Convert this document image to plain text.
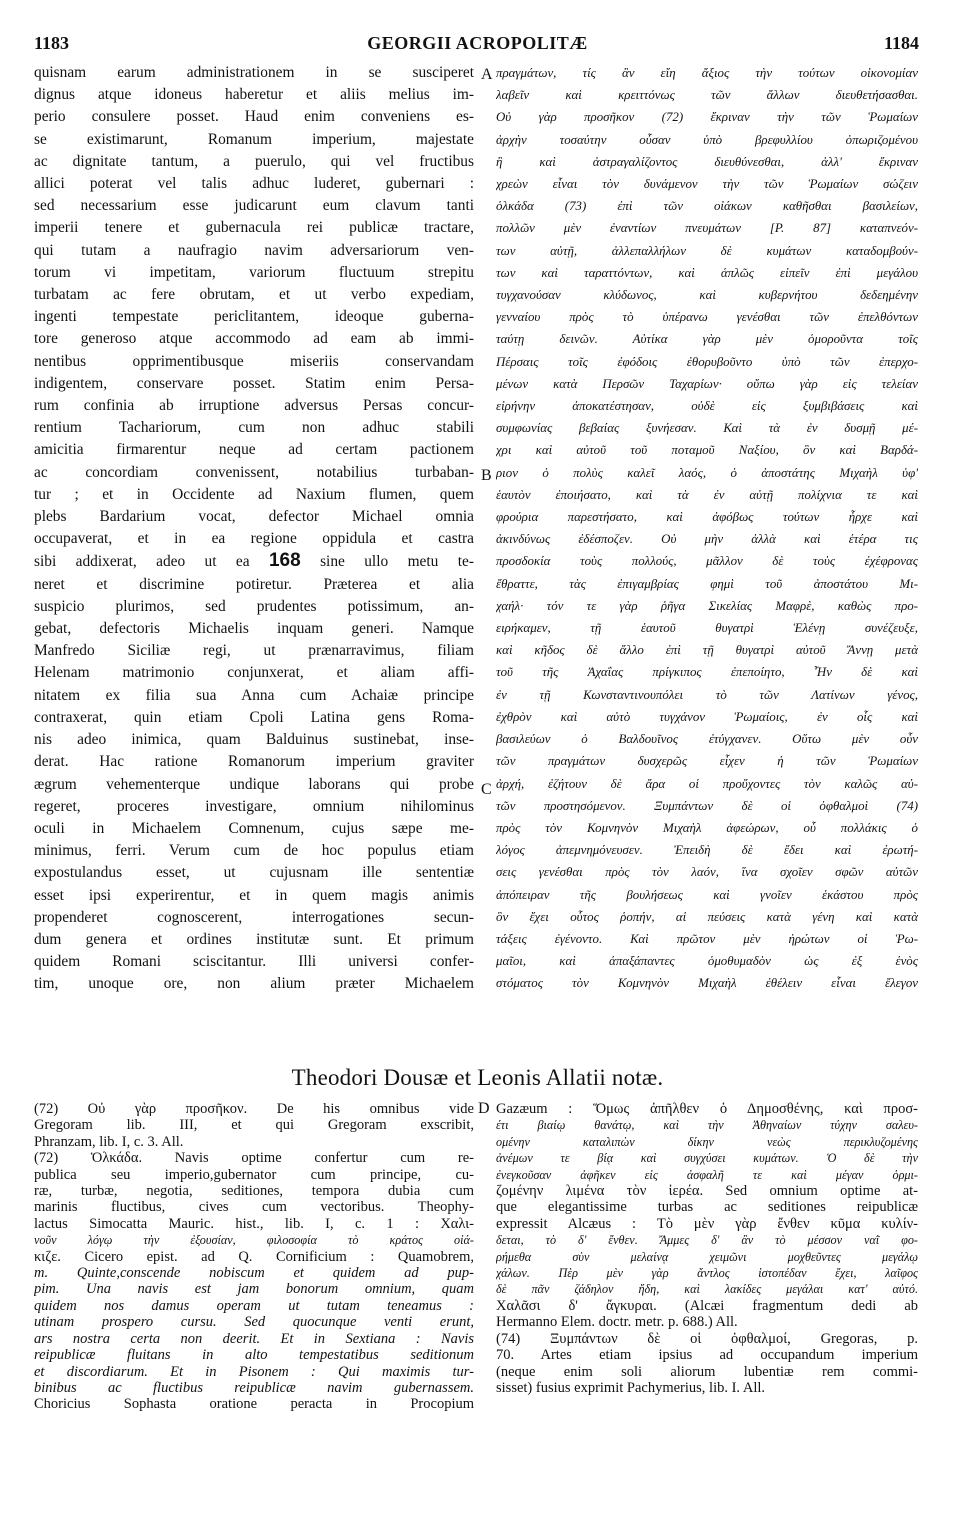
1183	GEORGII ACROPOLITÆ	1184
A
B
C
D
quisnam earum administrationem in se susciperet
dignus atque idoneus haberetur et aliis melius im-
perio consulere posset. Haud enim conveniens es-
se existimarunt, Romanum imperium, majestate
ac dignitate tantum, a puerulo, qui vel fructibus
allici poterat vel talis adhuc luderet, gubernari :
sed necessarium esse judicarunt eum clavum tanti
imperii tenere et gubernacula rei publicæ tractare,
qui tutam a naufragio navim adversariorum ven-
torum vi impetitam, variorum fluctuum strepitu
turbatam ac fere obrutam, et ut verbo expediam,
ingenti tempestate periclitantem, ideoque guberna-
tore generoso atque accommodo ad eam ab immi-
nentibus opprimentibusque miseriis conservandam
indigentem, conservare posset. Statim enim Persa-
rum confinia ab irruptione adversus Persas concur-
rentium Tachariorum, cum non adhuc stabili
amicitia firmarentur neque ad certam pactionem
ac concordiam convenissent, notabilius turbaban-
tur ; et in Occidente ad Naxium flumen, quem
plebs Bardarium vocat, defector Michael omnia
occupaverat, et in ea regione oppidula et castra
sibi addixerat, adeo ut ea 168 sine ullo metu te-
neret et discrimine potiretur. Præterea et alia
suspicio plurimos, sed prudentes potissimum, an-
gebat, defectoris Michaelis inquam generi. Namque
Manfredo Siciliæ regi, ut prænarravimus, filiam
Helenam matrimonio conjunxerat, et aliam affi-
nitatem ex filia sua Anna cum Achaiæ principe
contraxerat, quin etiam Cpoli Latina gens Roma-
nis adeo inimica, quam Balduinus sustinebat, inse-
derat. Hac ratione Romanorum imperium graviter
ægrum vehementerque undique laborans qui probe
regeret, proceres investigare, omnium nihilominus
oculi in Michaelem Comnenum, cujus sæpe me-
minimus, ferri. Verum cum de hoc populus etiam
expostulandus esset, ut cujusnam ille sententiæ
esset ipsi experirentur, et in quem magis animis
propenderet cognoscerent, interrogationes secun-
dum genera et ordines institutæ sunt. Et primum
quidem Romani sciscitantur. Illi universi confer-
tim, unoque ore, non alium præter Michaelem
πραγμάτων, τίς ἂν εἴη ἄξιος τὴν τούτων οἰκονομίαν
λαβεῖν καὶ κρειττόνως τῶν ἄλλων διευθετήσασθαι.
Οὐ γὰρ προσῆκον (72) ἔκριναν τὴν τῶν Ῥωμαίων
ἀρχὴν τοσαύτην οὖσαν ὑπὸ βρεφυλλίου ὀπωριζομένου
ἢ καὶ ἀστραγαλίζοντος διευθύνεσθαι, ἀλλ' ἔκριναν
χρεὼν εἶναι τὸν δυνάμενον τὴν τῶν Ῥωμαίων σώζειν
ὁλκάδα (73) ἐπὶ τῶν οἰάκων καθῆσθαι βασιλείων,
πολλῶν μὲν ἐναντίων πνευμάτων [P. 87] καταπνεόν-
των αὐτῇ, ἀλλεπαλλήλων δὲ κυμάτων καταδομβούν-
των καὶ ταραττόντων, καὶ ἁπλῶς εἰπεῖν ἐπὶ μεγάλου
τυγχανούσαν κλύδωνος, καὶ κυβερνήτου δεδεημένην
γενναίου πρὸς τὸ ὑπέρανω γενέσθαι τῶν ἐπελθόντων
ταύτῃ δεινῶν. Αὐτίκα γὰρ μὲν ὁμοροῦντα τοῖς
Πέρσαις τοῖς ἐφόδοις ἐθορυβοῦντο ὑπὸ τῶν ἐπερχο-
μένων κατὰ Περσῶν Ταχαρίων· οὔπω γὰρ εἰς τελείαν
εἰρήνην ἀποκατέστησαν, οὐδὲ εἰς ξυμβιβάσεις καὶ
συμφωνίας βεβαίας ξυνήεσαν. Καὶ τὰ ἐν δυσμῇ μέ-
χρι καὶ αὐτοῦ τοῦ ποταμοῦ Ναξίου, ὃν καὶ Βαρδά-
ριον ὁ πολὺς καλεῖ λαός, ὁ ἀποστάτης Μιχαὴλ ὑφ'
ἑαυτὸν ἐποιήσατο, καὶ τὰ ἐν αὐτῇ πολίχνια τε καὶ
φρούρια παρεστήσατο, καὶ ἀφόβως τούτων ἦρχε καὶ
ἀκινδύνως ἐδέσποζεν. Οὐ μὴν ἀλλὰ καὶ ἑτέρα τις
προσδοκία τοὺς πολλούς, μᾶλλον δὲ τοὺς ἐχέφρονας
ἔθραττε, τὰς ἐπιγαμβρίας φημὶ τοῦ ἀποστάτου Μι-
χαήλ· τόν τε γὰρ ῥῆγα Σικελίας Μαφρὲ, καθὼς προ-
ειρήκαμεν, τῇ ἑαυτοῦ θυγατρὶ Ἑλένῃ συνέζευξε,
καὶ κῆδος δὲ ἄλλο ἐπὶ τῇ θυγατρὶ αὐτοῦ Ἄννῃ μετὰ
τοῦ τῆς Ἀχαΐας πρίγκιπος ἐπεποίητο, Ἦν δὲ καὶ
ἐν τῇ Κωνσταντινουπόλει τὸ τῶν Λατίνων γένος,
ἐχθρὸν καὶ αὐτὸ τυγχάνον Ῥωμαίοις, ἐν οἷς καὶ
βασιλεύων ὁ Βαλδουῖνος ἐτύγχανεν. Οὕτω μὲν οὖν
τῶν πραγμάτων δυσχερῶς εἶχεν ἡ τῶν Ῥωμαίων
ἀρχή, ἐζήτουν δὲ ἄρα οἱ προὔχοντες τὸν καλῶς αὐ-
τῶν προστησόμενον. Ξυμπάντων δὲ οἱ ὀφθαλμοὶ (74)
πρὸς τὸν Κομνηνὸν Μιχαὴλ ἀφεώρων, οὗ πολλάκις ὁ
λόγος ἀπεμνημόνευσεν. Ἐπειδὴ δὲ ἔδει καὶ ἐρωτή-
σεις γενέσθαι πρὸς τὸν λαόν, ἵνα σχοῖεν σφῶν αὐτῶν
ἀπόπειραν τῆς βουλήσεως καὶ γνοῖεν ἑκάστου πρὸς
ὃν ἔχει οὗτος ῥοπήν, αἱ πεύσεις κατὰ γένη καὶ κατὰ
τάξεις ἐγένοντο. Καὶ πρῶτον μὲν ἠρώτων οἱ Ῥω-
μαῖοι, καὶ ἁπαξάπαντες ὁμοθυμαδὸν ὡς ἐξ ἑνὸς
στόματος τὸν Κομνηνὸν Μιχαὴλ ἐθέλειν εἶναι ἔλεγον
Theodori Dousæ et Leonis Allatii notæ.
(72) Οὐ γὰρ προσῆκον. De his omnibus vide
Gregoram lib. III, et qui Gregoram exscribit,
Phranzam, lib. I, c. 3. All.
(72) Ὁλκάδα. Navis optime confertur cum re-
publica seu imperio,gubernator cum principe, cu-
ræ, turbæ, negotia, seditiones, tempora dubia cum
marinis fluctibus, cives cum vectoribus. Theophy-
lactus Simocatta Mauric. hist., lib. I, c. 1 : Χαλι-
νοῦν λόγῳ τὴν ἐξουσίαν, φιλοσοφία τὸ κράτος οἰά-
κιζε. Cicero epist. ad Q. Cornificium : Quamobrem,
m. Quinte,conscende nobiscum et quidem ad pup-
pim. Una navis est jam bonorum omnium, quam
quidem nos damus operam ut tutam teneamus :
utinam prospero cursu. Sed quocunque venti erunt,
ars nostra certa non deerit. Et in Sextiana : Navis
reipublicæ fluitans in alto tempestatibus seditionum
et discordiarum. Et in Pisonem : Qui maximis tur-
binibus ac fluctibus reipublicæ navim gubernassem.
Choricius Sophasta oratione peracta in Procopium
Gazæum : Ὅμως ἀπῆλθεν ὁ Δημοσθένης, καὶ προσ-
έτι βιαίῳ θανάτῳ, καὶ τὴν Ἀθηναίων τύχην σαλευ-
ομένην καταλιπὼν δίκην νεὼς περικλυζομένης
ἀνέμων τε βίᾳ καὶ συγχύσει κυμάτων. Ὁ δὲ τὴν
ἐνεγκοῦσαν ἀφῆκεν εἰς ἀσφαλῆ τε καὶ μέγαν ὁρμι-
ζομένην λιμένα τὸν ἱερέα. Sed omnium optime at-
que elegantissime turbas ac seditiones reipublicæ
expressit Alcæus : Τὸ μὲν γὰρ ἔνθεν κῦμα κυλίν-
δεται, τὸ δ' ἔνθεν. Ἄμμες δ' ἂν τὸ μέσσον ναῒ φο-
ρήμεθα σὺν μελαίνᾳ χειμῶνι μοχθεῦντες μεγάλῳ
χάλων. Πὲρ μὲν γὰρ ἄντλος ἱστοπέδαν ἔχει, λαῖφος
δὲ πᾶν ζάδηλον ἤδη, καὶ λακίδες μεγάλαι κατ' αὐτό.
Χαλᾶσι δ' ἄγκυραι. (Alcæi fragmentum dedi ab
Hermanno Elem. doctr. metr. p. 688.) All.
(74) Ξυμπάντων δὲ οἱ ὀφθαλμοί, Gregoras, p.
70. Artes etiam ipsius ad occupandum imperium
(neque enim soli aliorum lubentiæ rem commi-
sisset) fusius exprimit Pachymerius, lib. I. All.
